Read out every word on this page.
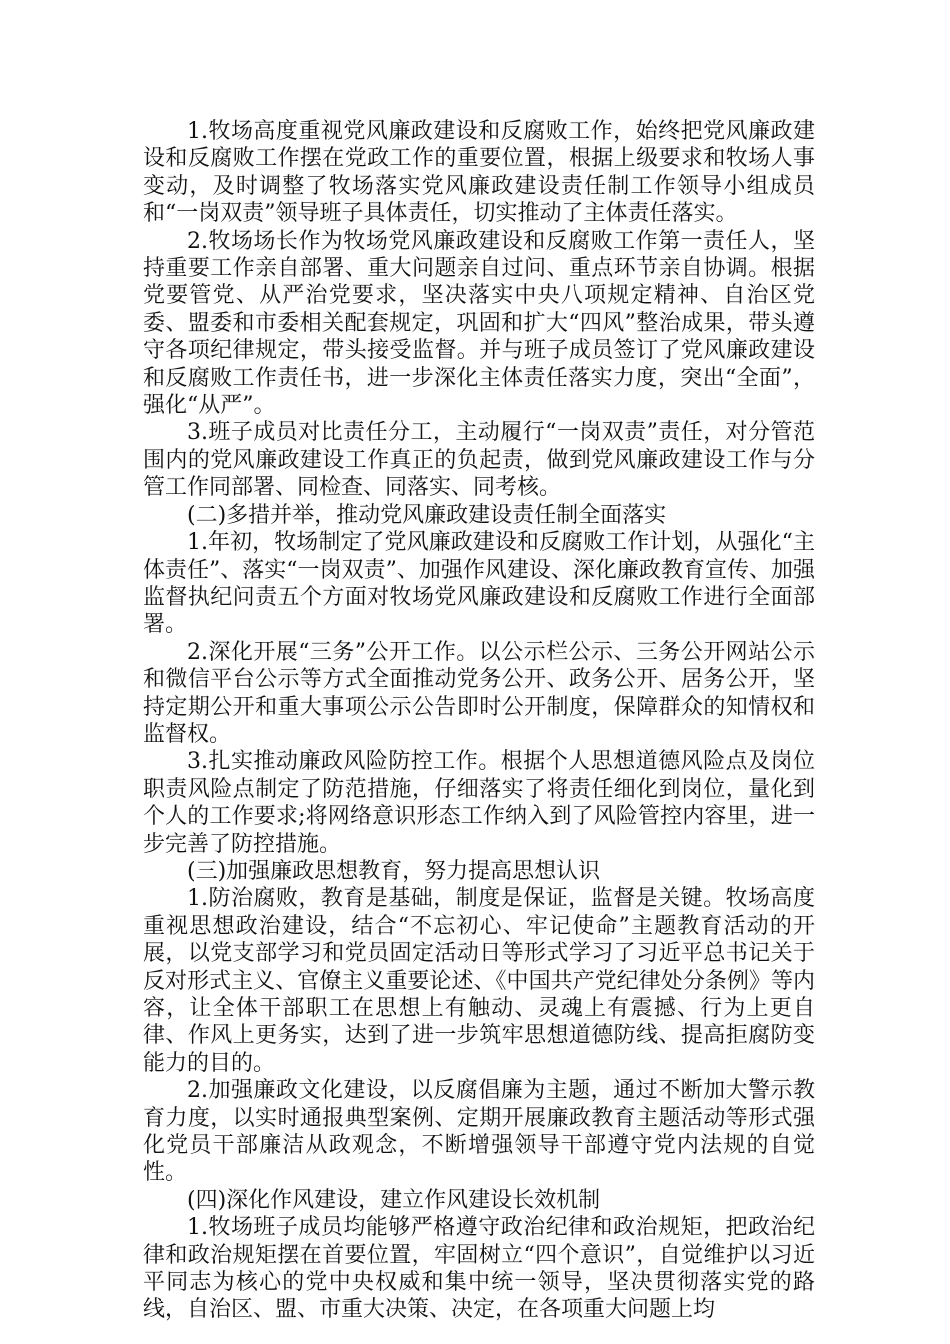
1.牧场高度重视党风廉政建设和反腐败工作，始终把党风廉政建设和反腐败工作摆在党政工作的重要位置，根据上级要求和牧场人事变动，及时调整了牧场落实党风廉政建设责任制工作领导小组成员和“一岗双责”领导班子具体责任，切实推动了主体责任落实。

2.牧场场长作为牧场党风廉政建设和反腐败工作第一责任人，坚持重要工作亲自部署、重大问题亲自过问、重点环节亲自协调。根据党要管党、从严治党要求，坚决落实中央八项规定精神、自治区党委、盟委和市委相关配套规定，巩固和扩大“四风”整治成果，带头遵守各项纪律规定，带头接受监督。并与班子成员签订了党风廉政建设和反腐败工作责任书，进一步深化主体责任落实力度，突出“全面”，强化“从严”。

3.班子成员对比责任分工，主动履行“一岗双责”责任，对分管范围内的党风廉政建设工作真正的负起责，做到党风廉政建设工作与分管工作同部署、同检查、同落实、同考核。

(二)多措并举，推动党风廉政建设责任制全面落实

1.年初，牧场制定了党风廉政建设和反腐败工作计划，从强化“主体责任”、落实“一岗双责”、加强作风建设、深化廉政教育宣传、加强监督执纪问责五个方面对牧场党风廉政建设和反腐败工作进行全面部署。

2.深化开展“三务”公开工作。以公示栏公示、三务公开网站公示和微信平台公示等方式全面推动党务公开、政务公开、居务公开，坚持定期公开和重大事项公示公告即时公开制度，保障群众的知情权和监督权。

3.扎实推动廉政风险防控工作。根据个人思想道德风险点及岗位职责风险点制定了防范措施，仔细落实了将责任细化到岗位，量化到个人的工作要求;将网络意识形态工作纳入到了风险管控内容里，进一步完善了防控措施。

(三)加强廉政思想教育，努力提高思想认识

1.防治腐败，教育是基础，制度是保证，监督是关键。牧场高度重视思想政治建设，结合“不忘初心、牢记使命”主题教育活动的开展，以党支部学习和党员固定活动日等形式学习了习近平总书记关于反对形式主义、官僚主义重要论述、《中国共产党纪律处分条例》等内容，让全体干部职工在思想上有触动、灵魂上有震撼、行为上更自律、作风上更务实，达到了进一步筑牢思想道德防线、提高拒腐防变能力的目的。

2.加强廉政文化建设，以反腐倡廉为主题，通过不断加大警示教育力度，以实时通报典型案例、定期开展廉政教育主题活动等形式强化党员干部廉洁从政观念，不断增强领导干部遵守党内法规的自觉性。

(四)深化作风建设，建立作风建设长效机制

1.牧场班子成员均能够严格遵守政治纪律和政治规矩，把政治纪律和政治规矩摆在首要位置，牢固树立“四个意识”，自觉维护以习近平同志为核心的党中央权威和集中统一领导，坚决贯彻落实党的路线，自治区、盟、市重大决策、决定，在各项重大问题上均
